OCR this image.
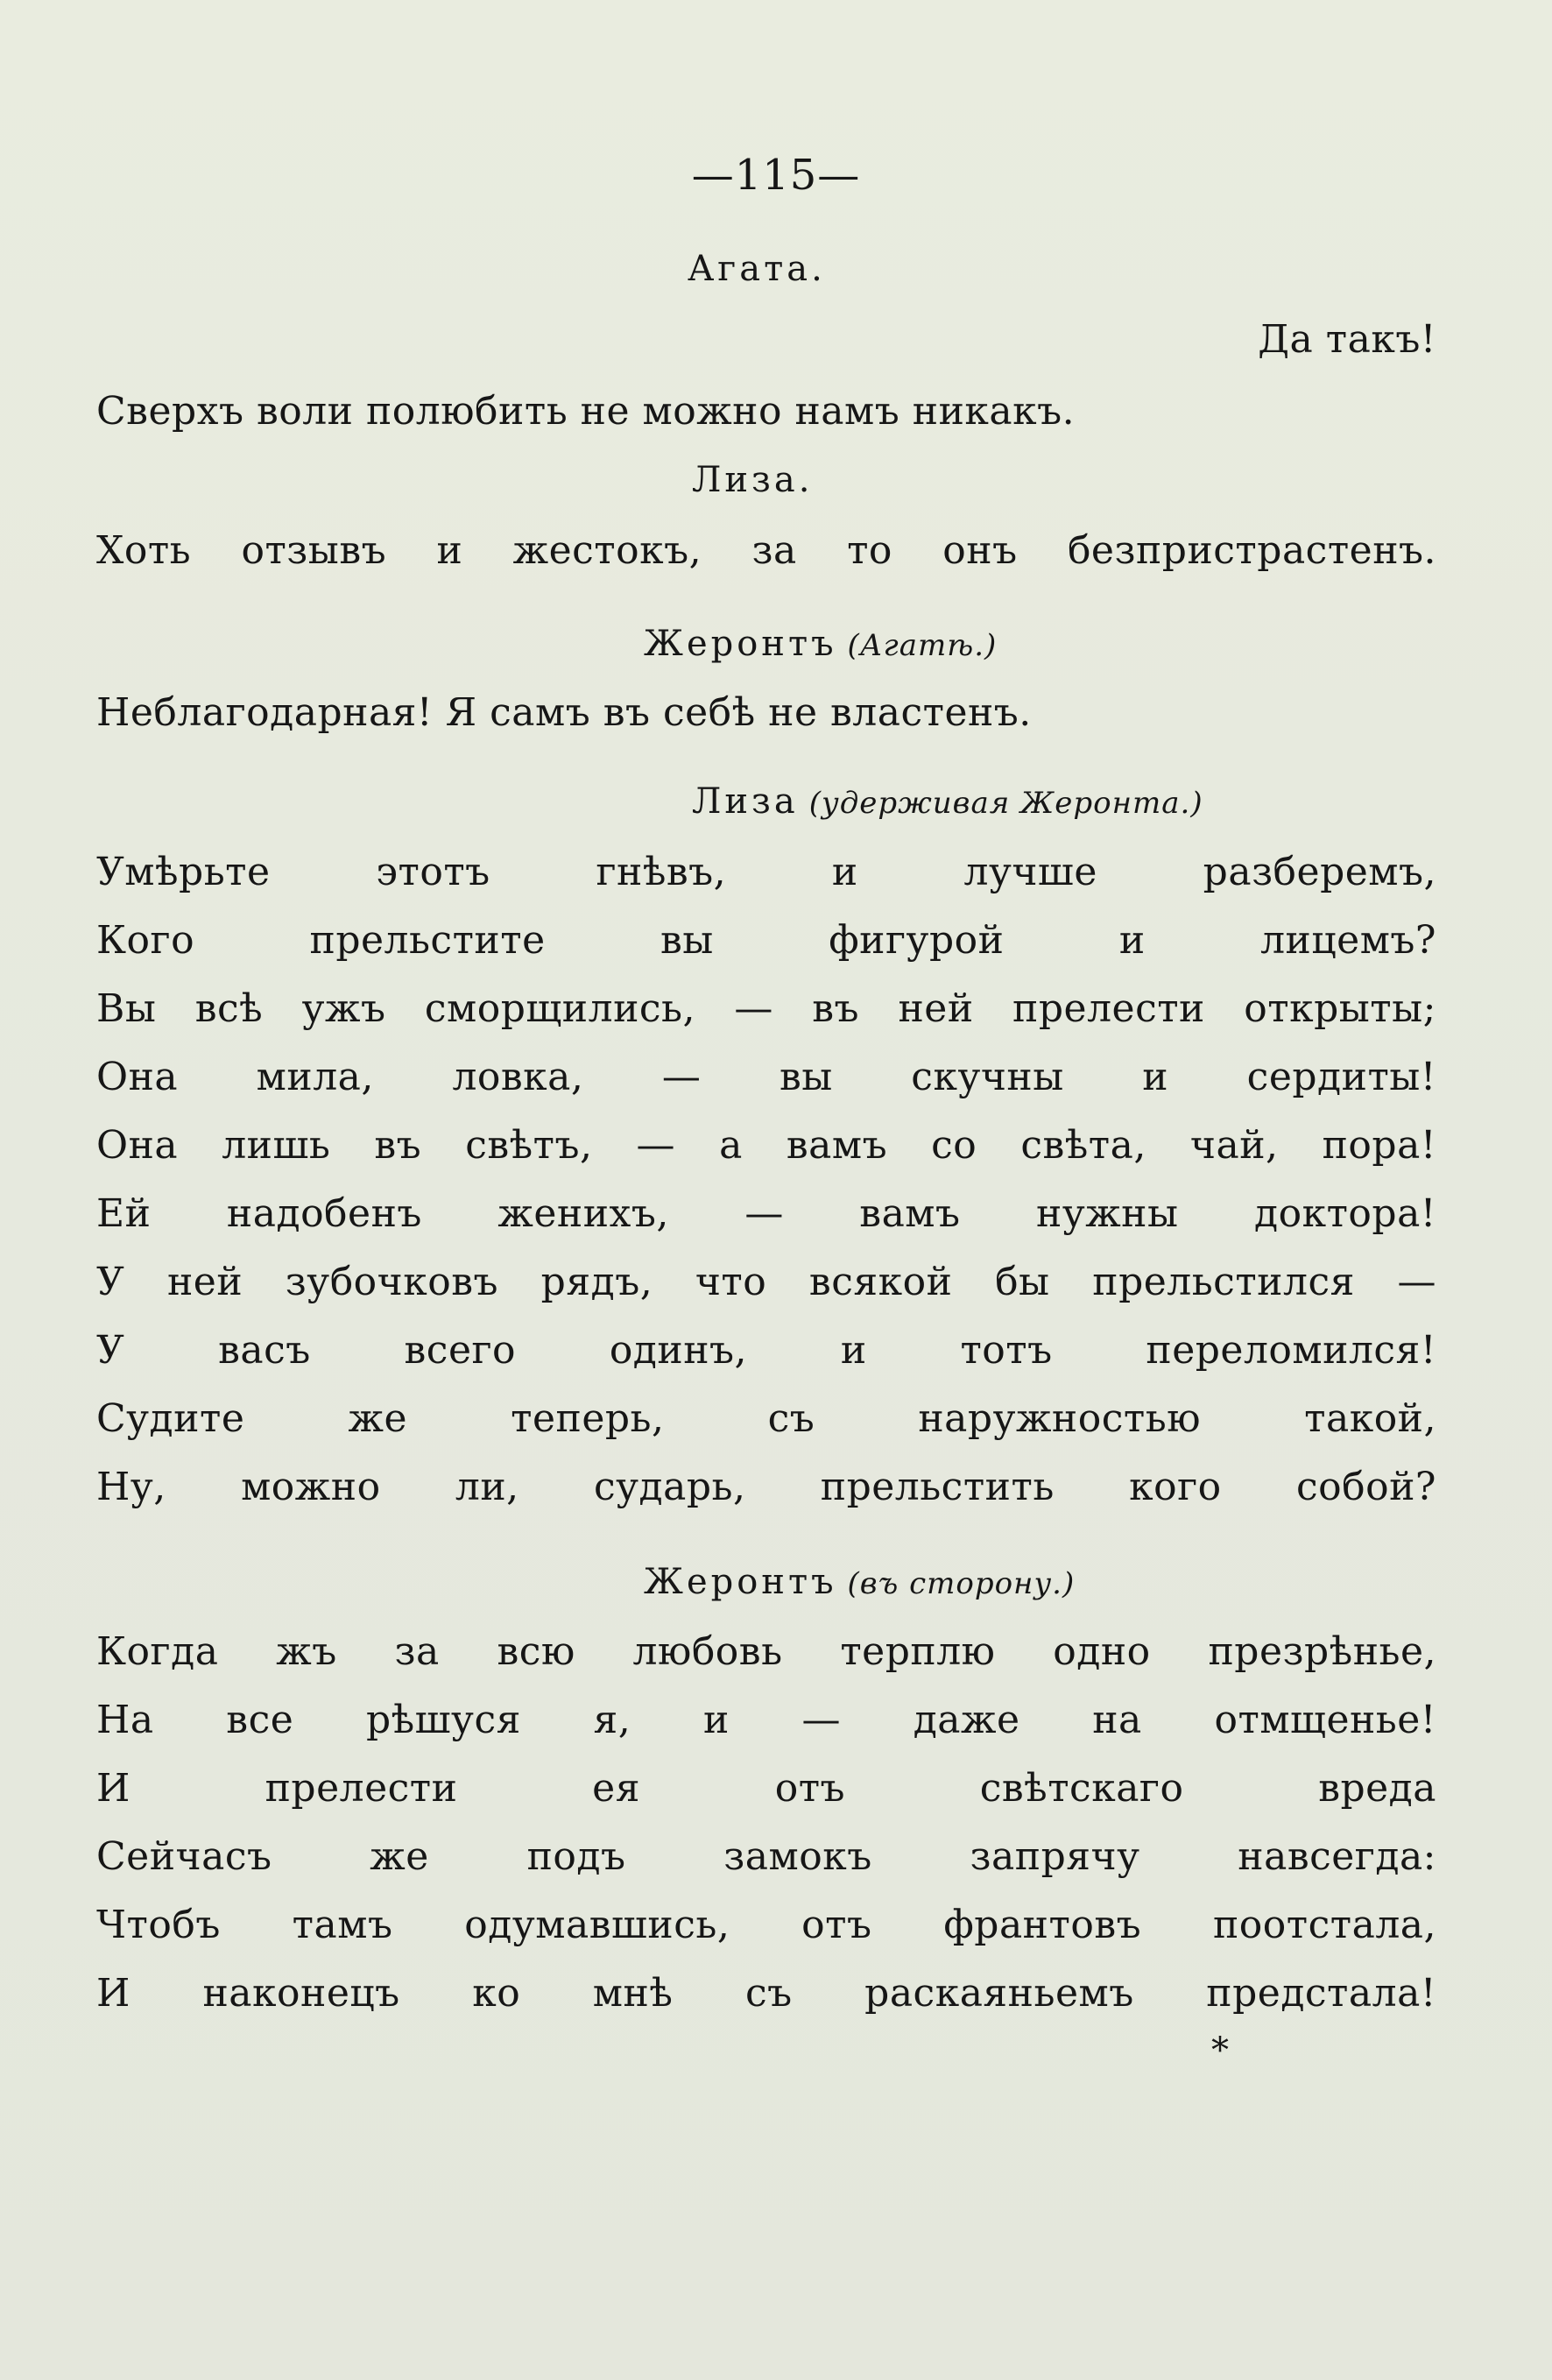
—115—
Агата.
Да такъ!
Сверхъ воли полюбить не можно намъ никакъ.
Лиза.
Хоть отзывъ и жестокъ, за то онъ безпристрастенъ.
Жеронтъ (Агатѣ.)
Неблагодарная! Я самъ въ себѣ не властенъ.
Лиза (удерживая Жеронта.)
Умѣрьте этотъ гнѣвъ, и лучше разберемъ,
Кого прельстите вы фигурой и лицемъ?
Вы всѣ ужъ сморщились, — въ ней прелести открыты;
Она мила, ловка, — вы скучны и сердиты!
Она лишь въ свѣтъ, — а вамъ со свѣта, чай, пора!
Ей надобенъ женихъ, — вамъ нужны доктора!
У ней зубочковъ рядъ, что всякой бы прельстился —
У васъ всего одинъ, и тотъ переломился!
Судите же теперь, съ наружностью такой,
Ну, можно ли, сударь, прельстить кого собой?
Жеронтъ (въ сторону.)
Когда жъ за всю любовь терплю одно презрѣнье,
На все рѣшуся я, и — даже на отмщенье!
И прелести ея отъ свѣтскаго вреда
Сейчасъ же подъ замокъ запрячу навсегда:
Чтобъ тамъ одумавшись, отъ франтовъ поотстала,
И наконецъ ко мнѣ съ раскаяньемъ предстала!
*
